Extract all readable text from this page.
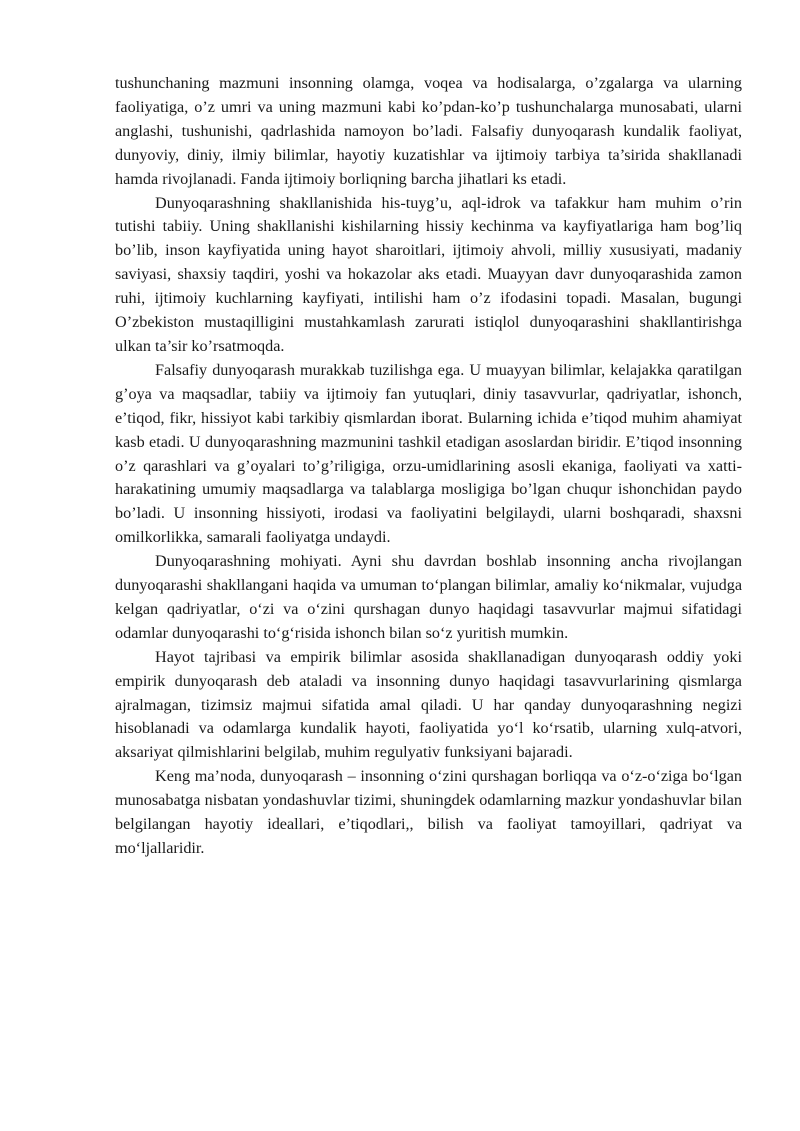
tushunchaning mazmuni insonning olamga, voqea va hodisalarga, o’zgalarga va ularning faoliyatiga, o’z umri va uning mazmuni kabi ko’pdan-ko’p tushunchalarga munosabati, ularni anglashi, tushunishi, qadrlashida namoyon bo’ladi. Falsafiy dunyoqarash kundalik faoliyat, dunyoviy, diniy, ilmiy bilimlar, hayotiy kuzatishlar va ijtimoiy tarbiya ta’sirida shakllanadi hamda rivojlanadi. Fanda ijtimoiy borliqning barcha jihatlari ks etadi.

Dunyoqarashning shakllanishida his-tuyg’u, aql-idrok va tafakkur ham muhim o’rin tutishi tabiiy. Uning shakllanishi kishilarning hissiy kechinma va kayfiyatlariga ham bog’liq bo’lib, inson kayfiyatida uning hayot sharoitlari, ijtimoiy ahvoli, milliy xususiyati, madaniy saviyasi, shaxsiy taqdiri, yoshi va hokazolar aks etadi. Muayyan davr dunyoqarashida zamon ruhi, ijtimoiy kuchlarning kayfiyati, intilishi ham o’z ifodasini topadi. Masalan, bugungi O’zbekiston mustaqilligini mustahkamlash zarurati istiqlol dunyoqarashini shakllantirishga ulkan ta’sir ko’rsatmoqda.

Falsafiy dunyoqarash murakkab tuzilishga ega. U muayyan bilimlar, kelajakka qaratilgan g’oya va maqsadlar, tabiiy va ijtimoiy fan yutuqlari, diniy tasavvurlar, qadriyatlar, ishonch, e’tiqod, fikr, hissiyot kabi tarkibiy qismlardan iborat. Bularning ichida e’tiqod muhim ahamiyat kasb etadi. U dunyoqarashning mazmunini tashkil etadigan asoslardan biridir. E’tiqod insonning o’z qarashlari va g’oyalari to’g’riligiga, orzu-umidlarining asosli ekaniga, faoliyati va xatti-harakatining umumiy maqsadlarga va talablarga mosligiga bo’lgan chuqur ishonchidan paydo bo’ladi. U insonning hissiyoti, irodasi va faoliyatini belgilaydi, ularni boshqaradi, shaxsni omilkorlikka, samarali faoliyatga undaydi.

Dunyoqarashning mohiyati. Ayni shu davrdan boshlab insonning ancha rivojlangan dunyoqarashi shakllangani haqida va umuman to‘plangan bilimlar, amaliy ko‘nikmalar, vujudga kelgan qadriyatlar, o‘zi va o‘zini qurshagan dunyo haqidagi tasavvurlar majmui sifatidagi odamlar dunyoqarashi to‘g‘risida ishonch bilan so‘z yuritish mumkin.

Hayot tajribasi va empirik bilimlar asosida shakllanadigan dunyoqarash oddiy yoki empirik dunyoqarash deb ataladi va insonning dunyo haqidagi tasavvurlarining qismlarga ajralmagan, tizimsiz majmui sifatida amal qiladi. U har qanday dunyoqarashning negizi hisoblanadi va odamlarga kundalik hayoti, faoliyatida yo‘l ko‘rsatib, ularning xulq-atvori, aksariyat qilmishlarini belgilab, muhim regulyativ funksiyani bajaradi.

Keng ma’noda, dunyoqarash – insonning o‘zini qurshagan borliqqa va o‘z-o‘ziga bo‘lgan munosabatga nisbatan yondashuvlar tizimi, shuningdek odamlarning mazkur yondashuvlar bilan belgilangan hayotiy ideallari, e’tiqodlari,, bilish va faoliyat tamoyillari, qadriyat va mo‘ljallaridir.
